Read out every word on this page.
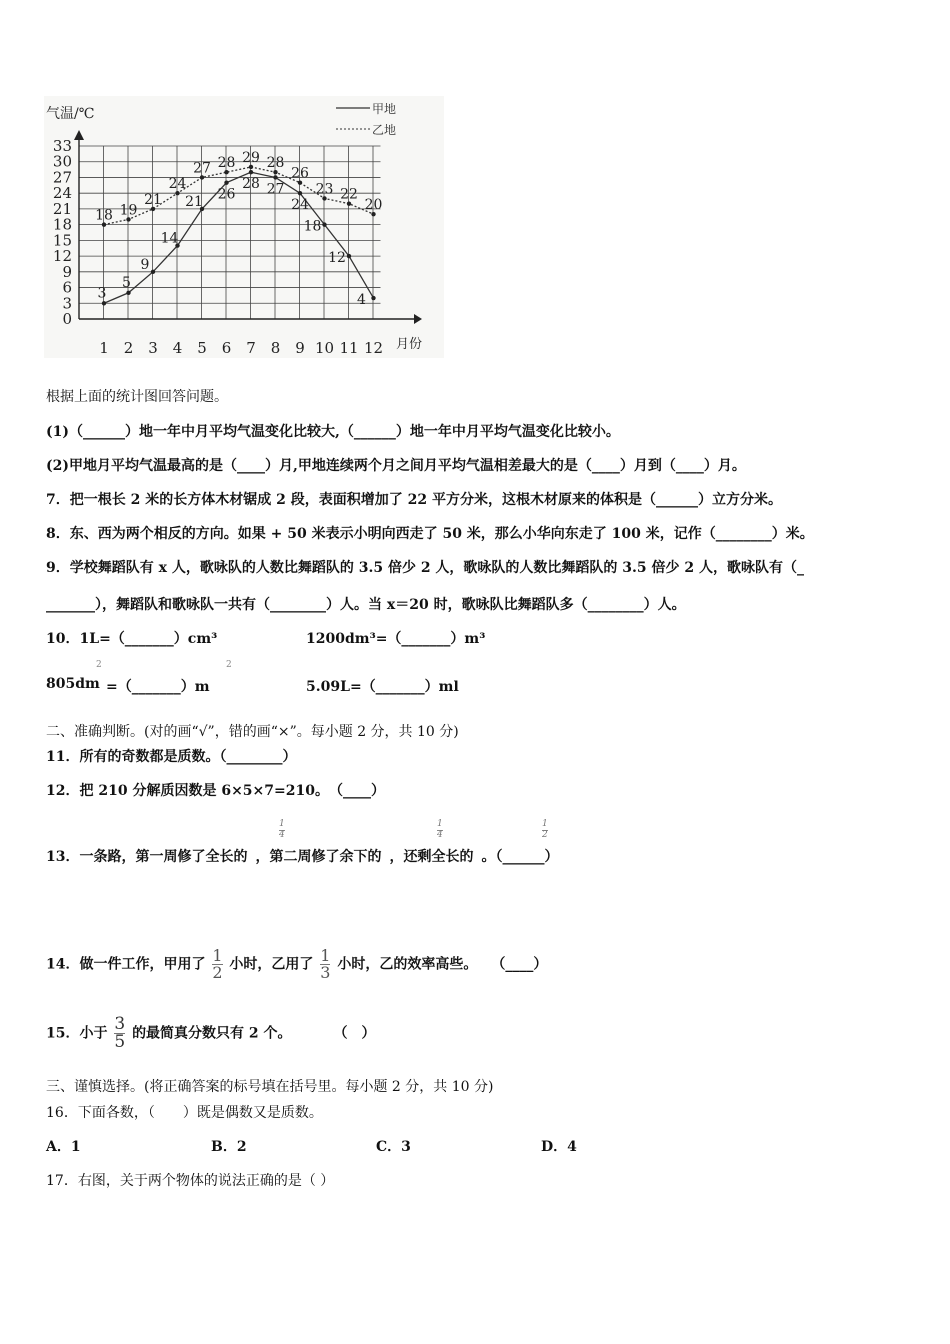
气温/℃
月份
0
3
6
9
12
15
18
21
24
27
30
33
1 2 3 4 5 6 7 8 9 10 11 12
甲地
乙地
18 19
21
24
27 28 29 28
26
23 22
20
3
5
9
14
21 26
28 27
24
18
12
4
根据上面的统计图回答问题。
(1)（______）地一年中月平均气温变化比较大,（______）地一年中月平均气温变化比较小。
(2)甲地月平均气温最高的是（____）月,甲地连续两个月之间月平均气温相差最大的是（____）月到（____）月。
7．把一根长 2 米的长方体木材锯成 2 段，表面积增加了 22 平方分米，这根木材原来的体积是（______）立方分米。
8．东、西为两个相反的方向。如果 + 50 米表示小明向西走了 50 米，那么小华向东走了 100 米，记作（________）米。
9．学校舞蹈队有 x 人，歌咏队的人数比舞蹈队的 3.5 倍少 2 人，歌咏队的人数比舞蹈队的 3.5 倍少 2 人，歌咏队有（_
_______），舞蹈队和歌咏队一共有（________）人。当 x＝20 时，歌咏队比舞蹈队多（________）人。
10．1L=（_______）cm³	1200dm³=（_______）m³
805dm
2
=（_______）m
2
5.09L=（_______）ml
二、准确判断。(对的画“√”，错的画“×”。每小题 2 分，共 10 分)
11．所有的奇数都是质数。（________）
12．把 210 分解质因数是 6×5×7=210。　（____）
13．一条路，第一周修了全长的 ，第二周修了余下的 ，还剩全长的 。（______）
1
4
1
4
1
2
14．做一件工作，甲用了 $\frac{1}{2}$ 小时，乙用了 $\frac{1}{3}$ 小时，乙的效率高些。　　（____）
15．小于 $\frac{3}{5}$ 的最简真分数只有 2 个。　　　　（　）
三、谨慎选择。(将正确答案的标号填在括号里。每小题 2 分，共 10 分)
16．下面各数，（　　）既是偶数又是质数。
A．1	B．2	C．3	D．4
17．右图，关于两个物体的说法正确的是（ ）
